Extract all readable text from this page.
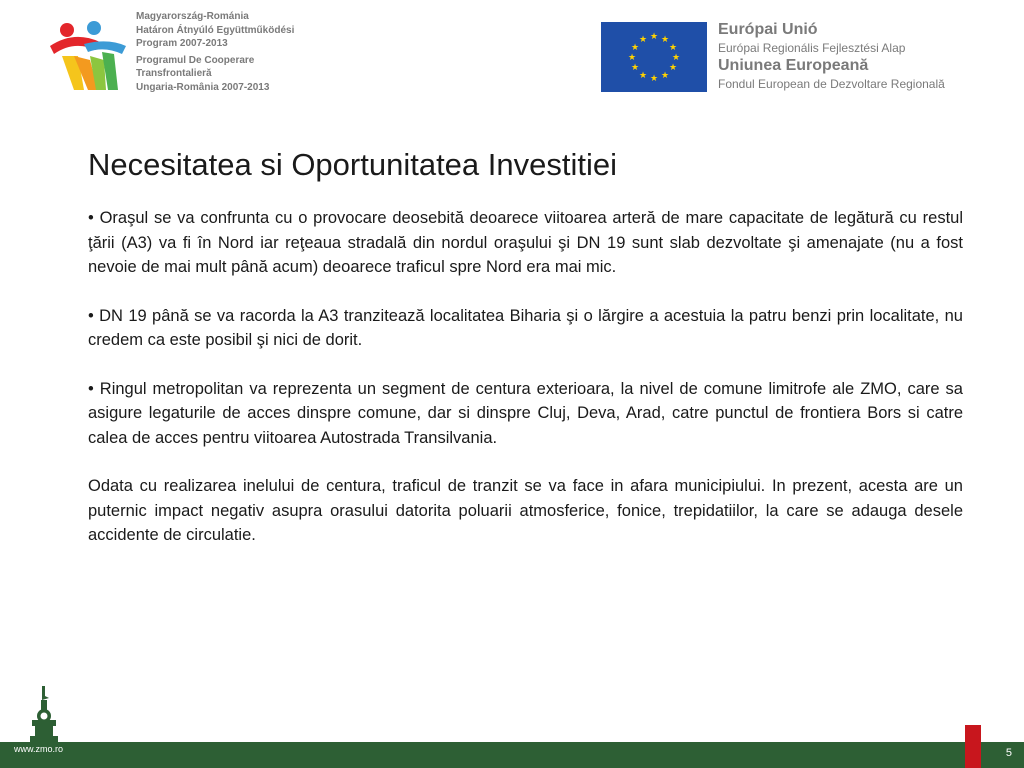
Magyarország-Románia
Határon Átnyúló Együttműködési
Program 2007-2013
Programul De Cooperare
Transfrontalieră
Ungaria-România 2007-2013
★ ★
★
★
★
★
★
★
★
★
★
★
Európai Unió
Európai Regionális Fejlesztési Alap
Uniunea Europeană
Fondul European de Dezvoltare Regională
Necesitatea si Oportunitatea Investitiei

• Oraşul se va confrunta cu o provocare deosebită deoarece viitoarea arteră de mare capacitate de legătură cu restul ţării (A3) va fi în Nord iar reţeaua stradală din nordul oraşului şi DN 19 sunt slab dezvoltate şi amenajate (nu a fost nevoie de mai mult până acum) deoarece traficul spre Nord era mai mic.

• DN 19 până se va racorda la A3 tranzitează localitatea Biharia şi o lărgire a acestuia la patru benzi prin localitate, nu credem ca este posibil şi nici de dorit.

• Ringul metropolitan va reprezenta un segment de centura exterioara, la nivel de comune limitrofe ale ZMO, care sa asigure legaturile de acces dinspre comune, dar si dinspre Cluj, Deva, Arad, catre punctul de frontiera Bors si catre calea de acces pentru viitoarea Autostrada Transilvania.

Odata cu realizarea inelului de centura, traficul de tranzit se va face in afara municipiului. In prezent, acesta are un puternic impact negativ asupra orasului datorita poluarii atmosferice, fonice, trepidatiilor, la care se adauga desele accidente de circulatie.

www.zmo.ro	5
